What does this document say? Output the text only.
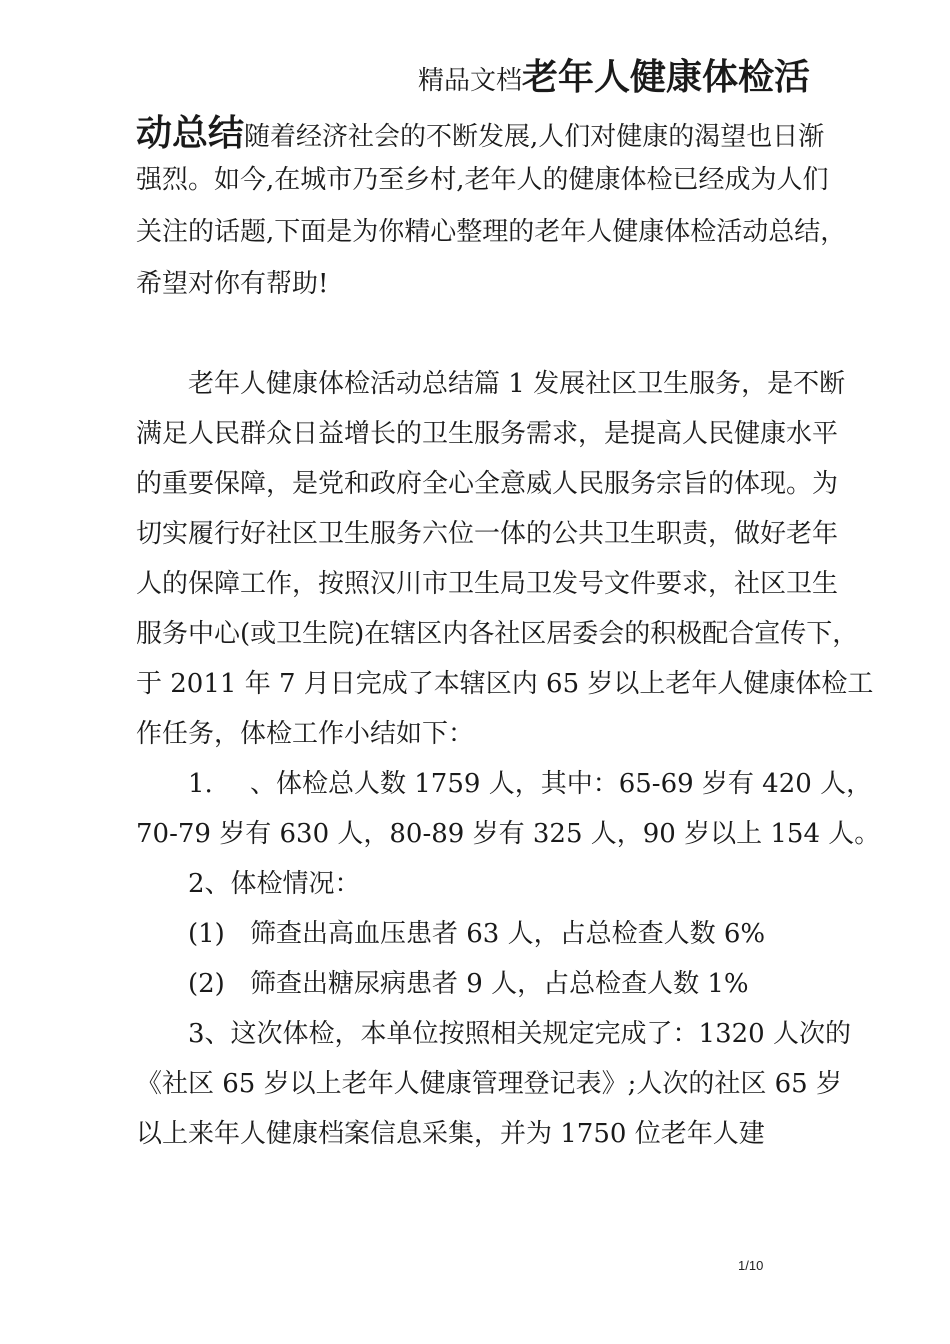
精品文档老年人健康体检活
动总结随着经济社会的不断发展,人们对健康的渴望也日渐
强烈。如今,在城市乃至乡村,老年人的健康体检已经成为人们
关注的话题,下面是为你精心整理的老年人健康体检活动总结，
希望对你有帮助!
老年人健康体检活动总结篇 1 发展社区卫生服务，是不断
满足人民群众日益增长的卫生服务需求，是提高人民健康水平
的重要保障，是党和政府全心全意威人民服务宗旨的体现。为
切实履行好社区卫生服务六位一体的公共卫生职责，做好老年
人的保障工作，按照汉川市卫生局卫发号文件要求，社区卫生
服务中心(或卫生院)在辖区内各社区居委会的积极配合宣传下，
于 2011 年 7 月日完成了本辖区内 65 岁以上老年人健康体检工
作任务，体检工作小结如下：
1.	、体检总人数 1759 人，其中：65-69 岁有 420 人，
70-79 岁有 630 人，80-89 岁有 325 人，90 岁以上 154 人。
2、体检情况：
(1) 筛查出高血压患者 63 人，占总检查人数 6%
(2) 筛查出糖尿病患者 9 人，占总检查人数 1%
3、这次体检，本单位按照相关规定完成了：1320 人次的
《社区 65 岁以上老年人健康管理登记表》;人次的社区 65 岁
以上来年人健康档案信息采集，并为 1750 位老年人建
1/10
